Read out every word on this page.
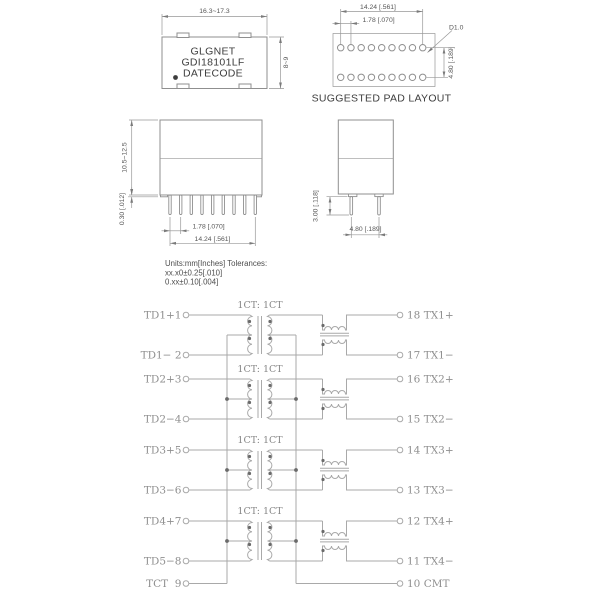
GLGNET
GDI18101LF
DATECODE
16.3~17.3
8~9
14.24 [.561]
1.78 [.070]
D1.0
4.80 [.189]
SUGGESTED PAD LAYOUT
10.5~12.5
0.30 [.012]
1.78 [.070]
14.24 [.561]
3.00 [.118]
4.80 [.189]
Units:mm[Inches] Tolerances:
xx.x0±0.25[.010]
0.xx±0.10[.004]
1CT: 1CT
1CT: 1CT
1CT: 1CT
1CT: 1CT
TD1+1
TD1− 2
TD2+3
TD2−4
TD3+5
TD3−6
TD4+7
TD5−8
TCT  9
18 TX1+
17 TX1−
16 TX2+
15 TX2−
14 TX3+
13 TX3−
12 TX4+
11 TX4−
10 CMT
